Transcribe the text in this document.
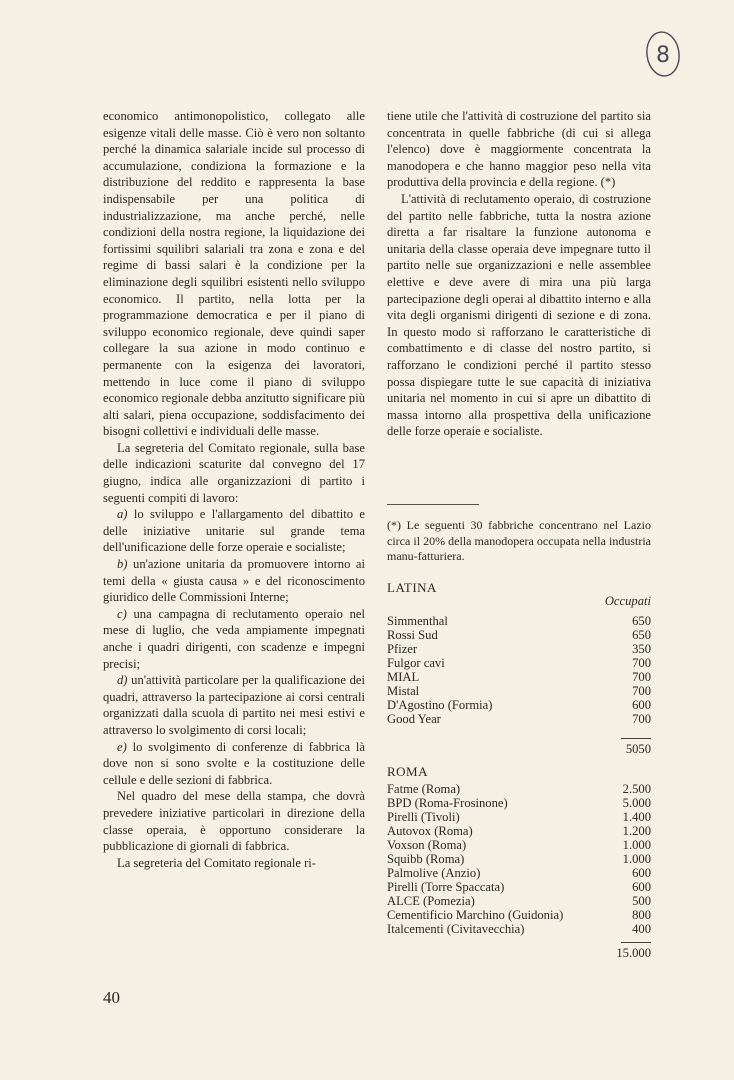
8

economico antimonopolistico, collegato alle esigenze vitali delle masse. Ciò è vero non soltanto perché la dinamica salariale incide sul processo di accumulazione, condiziona la formazione e la distribuzione del reddito e rappresenta la base indispensabile per una politica di industrializzazione, ma anche perché, nelle condizioni della nostra regione, la liquidazione dei fortissimi squilibri salariali tra zona e zona e del regime di bassi salari è la condizione per la eliminazione degli squilibri esistenti nello sviluppo economico. Il partito, nella lotta per la programmazione democratica e per il piano di sviluppo economico regionale, deve quindi saper collegare la sua azione in modo continuo e permanente con la esigenza dei lavoratori, mettendo in luce come il piano di sviluppo economico regionale debba anzitutto significare più alti salari, piena occupazione, soddisfacimento dei bisogni collettivi e individuali delle masse.

La segreteria del Comitato regionale, sulla base delle indicazioni scaturite dal convegno del 17 giugno, indica alle organizzazioni di partito i seguenti compiti di lavoro:

a) lo sviluppo e l'allargamento del dibattito e delle iniziative unitarie sul grande tema dell'unificazione delle forze operaie e socialiste;

b) un'azione unitaria da promuovere intorno ai temi della « giusta causa » e del riconoscimento giuridico delle Commissioni Interne;

c) una campagna di reclutamento operaio nel mese di luglio, che veda ampiamente impegnati anche i quadri dirigenti, con scadenze e impegni precisi;

d) un'attività particolare per la qualificazione dei quadri, attraverso la partecipazione ai corsi centrali organizzati dalla scuola di partito nei mesi estivi e attraverso lo svolgimento di corsi locali;

e) lo svolgimento di conferenze di fabbrica là dove non si sono svolte e la costituzione delle cellule e delle sezioni di fabbrica.

Nel quadro del mese della stampa, che dovrà prevedere iniziative particolari in direzione della classe operaia, è opportuno considerare la pubblicazione di giornali di fabbrica.

La segreteria del Comitato regionale ri-

tiene utile che l'attività di costruzione del partito sia concentrata in quelle fabbriche (di cui si allega l'elenco) dove è maggiormente concentrata la manodopera e che hanno maggior peso nella vita produttiva della provincia e della regione. (*)

L'attività di reclutamento operaio, di costruzione del partito nelle fabbriche, tutta la nostra azione diretta a far risaltare la funzione autonoma e unitaria della classe operaia deve impegnare tutto il partito nelle sue organizzazioni e nelle assemblee elettive e deve avere di mira una più larga partecipazione degli operai al dibattito interno e alla vita degli organismi dirigenti di sezione e di zona. In questo modo si rafforzano le caratteristiche di combattimento e di classe del nostro partito, si rafforzano le condizioni perché il partito stesso possa dispiegare tutte le sue capacità di iniziativa unitaria nel momento in cui si apre un dibattito di massa intorno alla prospettiva della unificazione delle forze operaie e socialiste.

(*) Le seguenti 30 fabbriche concentrano nel Lazio circa il 20% della manodopera occupata nella industria manu-fatturiera.
LATINA
Occupati
Simmenthal	650
Rossi Sud	650
Pfizer	350
Fulgor cavi	700
MIAL	700
Mistal	700
D'Agostino (Formia)	600
Good Year	700
5050
ROMA
Fatme (Roma)	2.500
BPD (Roma-Frosinone)	5.000
Pirelli (Tivoli)	1.400
Autovox (Roma)	1.200
Voxson (Roma)	1.000
Squibb (Roma)	1.000
Palmolive (Anzio)	600
Pirelli (Torre Spaccata)	600
ALCE (Pomezia)	500
Cementificio Marchino (Guidonia)	800
Italcementi (Civitavecchia)	400
15.000
40
